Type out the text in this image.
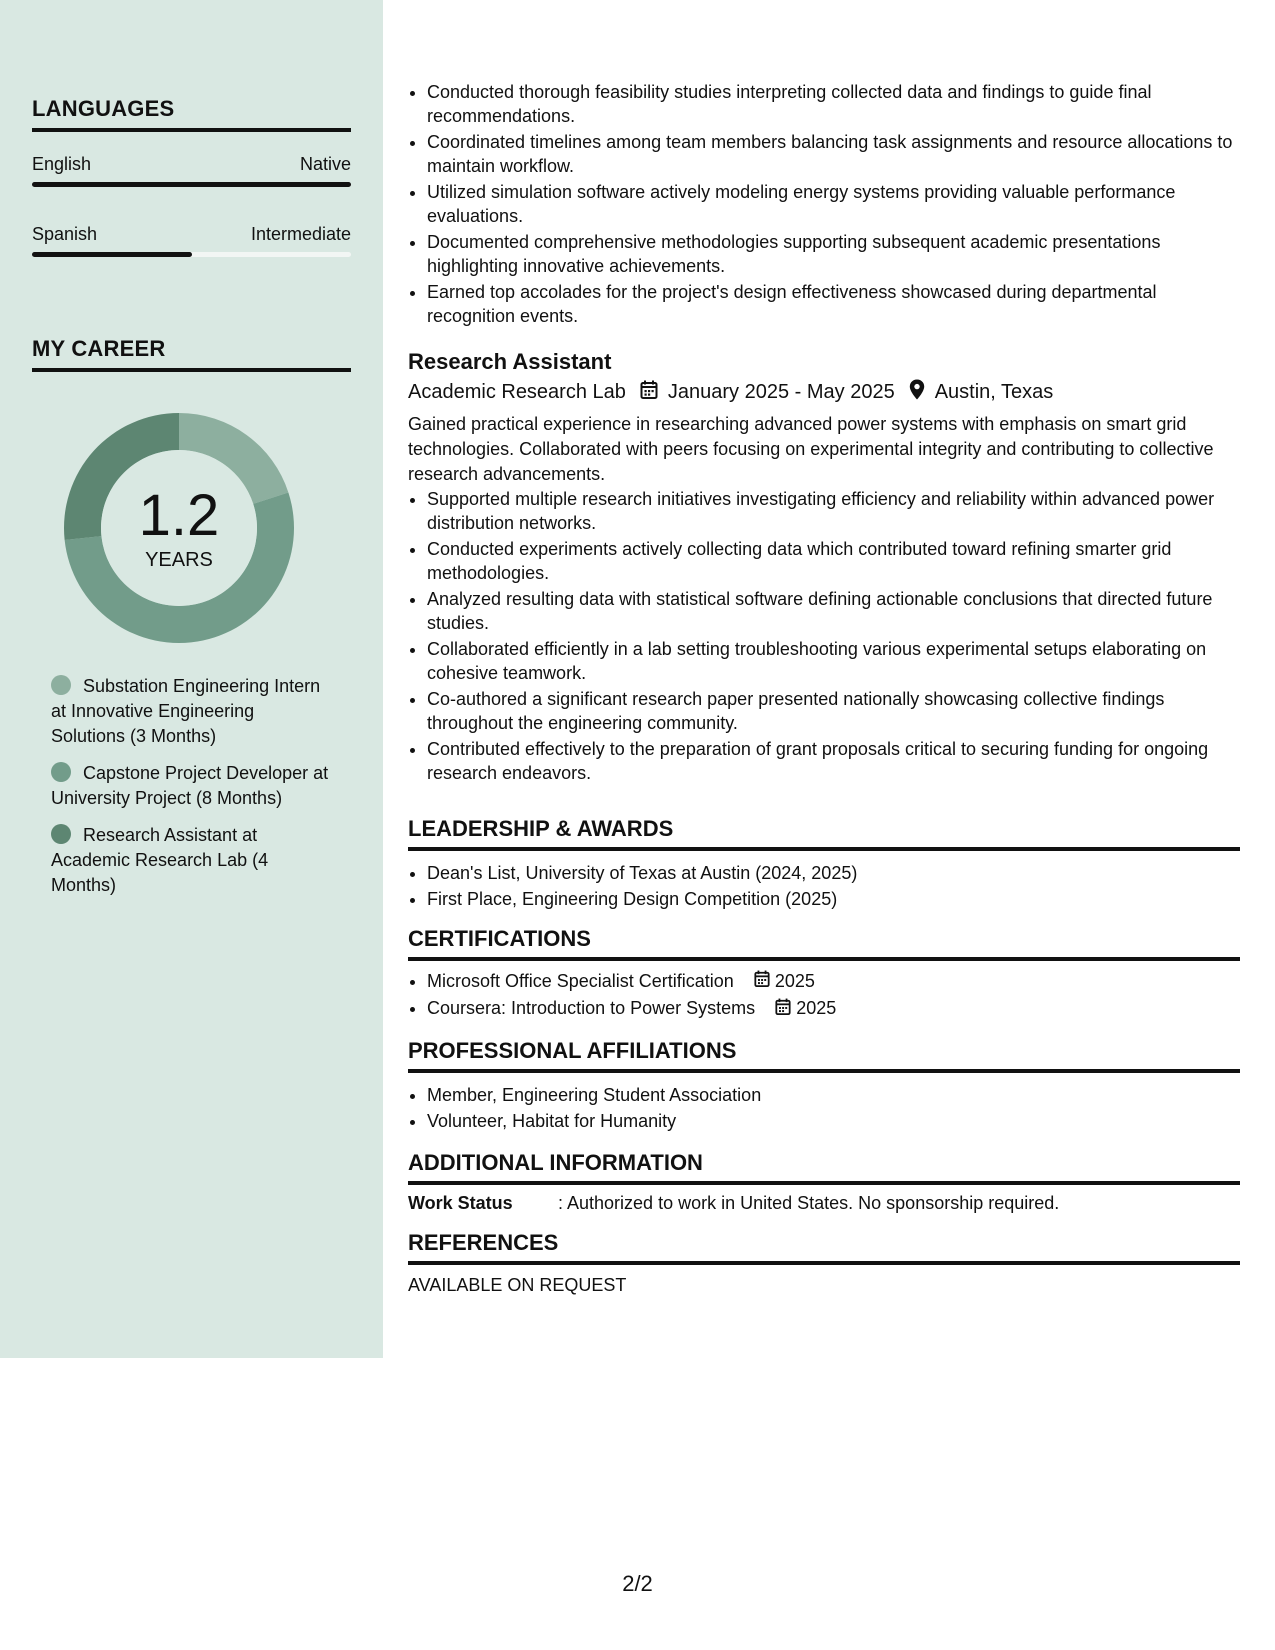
LANGUAGES
English	Native
Spanish	Intermediate
MY CAREER
1.2
YEARS
Substation Engineering Intern at Innovative Engineering Solutions (3 Months)
Capstone Project Developer at University Project (8 Months)
Research Assistant at Academic Research Lab (4 Months)
• Conducted thorough feasibility studies interpreting collected data and findings to guide final recommendations.
• Coordinated timelines among team members balancing task assignments and resource allocations to maintain workflow.
• Utilized simulation software actively modeling energy systems providing valuable performance evaluations.
• Documented comprehensive methodologies supporting subsequent academic presentations highlighting innovative achievements.
• Earned top accolades for the project's design effectiveness showcased during departmental recognition events.
Research Assistant
Academic Research Lab January 2025 - May 2025 Austin, Texas
Gained practical experience in researching advanced power systems with emphasis on smart grid technologies. Collaborated with peers focusing on experimental integrity and contributing to collective research advancements.
• Supported multiple research initiatives investigating efficiency and reliability within advanced power distribution networks.
• Conducted experiments actively collecting data which contributed toward refining smarter grid methodologies.
• Analyzed resulting data with statistical software defining actionable conclusions that directed future studies.
• Collaborated efficiently in a lab setting troubleshooting various experimental setups elaborating on cohesive teamwork.
• Co-authored a significant research paper presented nationally showcasing collective findings throughout the engineering community.
• Contributed effectively to the preparation of grant proposals critical to securing funding for ongoing research endeavors.
LEADERSHIP & AWARDS
• Dean's List, University of Texas at Austin (2024, 2025)
• First Place, Engineering Design Competition (2025)
CERTIFICATIONS
• Microsoft Office Specialist Certification 2025
• Coursera: Introduction to Power Systems 2025
PROFESSIONAL AFFILIATIONS
• Member, Engineering Student Association
• Volunteer, Habitat for Humanity
ADDITIONAL INFORMATION
Work Status	: Authorized to work in United States. No sponsorship required.
REFERENCES
AVAILABLE ON REQUEST
2/2
